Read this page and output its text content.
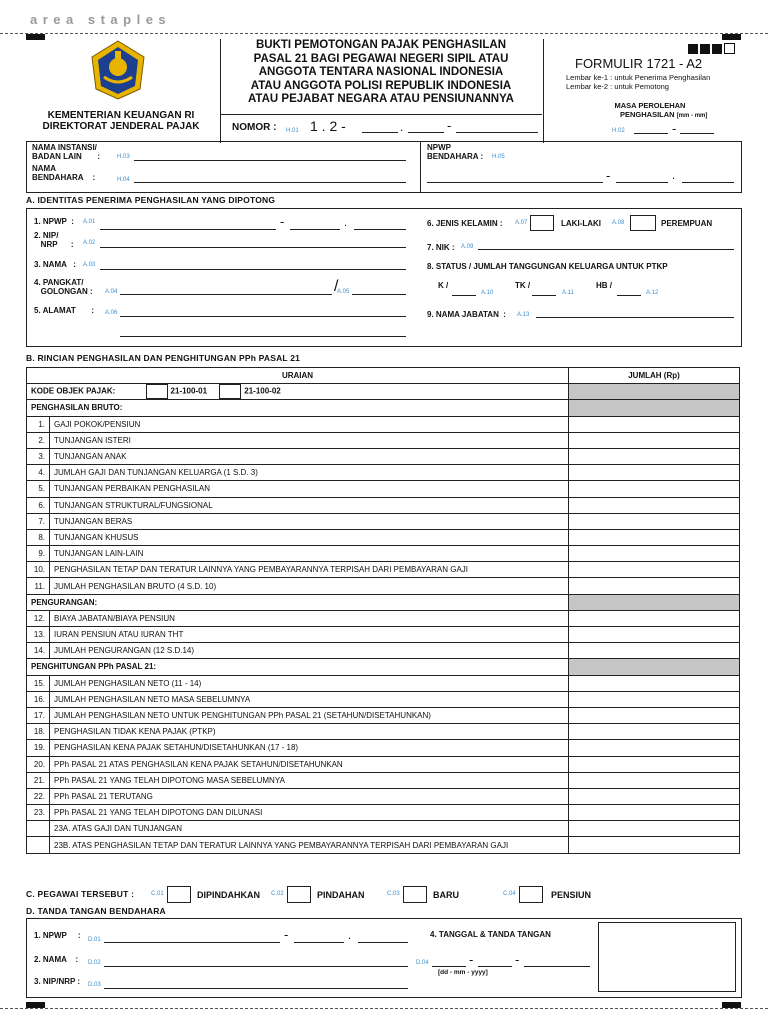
area staples
KEMENTERIAN KEUANGAN RI
DIREKTORAT JENDERAL PAJAK
BUKTI PEMOTONGAN PAJAK PENGHASILAN
PASAL 21 BAGI PEGAWAI NEGERI SIPIL ATAU
ANGGOTA TENTARA NASIONAL INDONESIA
ATAU ANGGOTA POLISI REPUBLIK INDONESIA
ATAU PEJABAT NEGARA ATAU PENSIUNANNYA
NOMOR : H.01 1 . 2 -	.	-
FORMULIR 1721 - A2
Lembar ke-1 : untuk Penerima Penghasilan
Lembar ke-2 : untuk Pemotong
MASA PEROLEHAN
PENGHASILAN [mm - mm]
H.02	-
NAMA INSTANSI/
BADAN LAIN       :	H.03
NAMA
BENDAHARA    :	H.04
NPWP
BENDAHARA : H.05
-	.
A. IDENTITAS PENERIMA PENGHASILAN YANG DIPOTONG
1. NPWP  : A.01	-	.
2. NIP/
NRP      : A.02
3. NAMA   : A.03
4. PANGKAT/
GOLONGAN : A.04	/
A.05
5. ALAMAT       : A.06
6. JENIS KELAMIN : A.07	LAKI-LAKI A.08	PEREMPUAN
7. NIK : A.09
8. STATUS / JUMLAH TANGGUNGAN KELUARGA UNTUK PTKP
K /
A.10
TK /
A.11
HB /
A.12
9. NAMA JABATAN  : A.13
B. RINCIAN PENGHASILAN DAN PENGHITUNGAN PPh PASAL 21
URAIAN		JUMLAH (Rp)
KODE OBJEK PAJAK: 21-100-01 21-100-02		
PENGHASILAN BRUTO:		
1.	GAJI POKOK/PENSIUN	
2.	TUNJANGAN ISTERI	
3.	TUNJANGAN ANAK	
4.	JUMLAH GAJI DAN TUNJANGAN KELUARGA (1 S.D. 3)	
5.	TUNJANGAN PERBAIKAN PENGHASILAN	
6.	TUNJANGAN STRUKTURAL/FUNGSIONAL	
7.	TUNJANGAN BERAS	
8.	TUNJANGAN KHUSUS	
9.	TUNJANGAN LAIN-LAIN	
10.	PENGHASILAN TETAP DAN TERATUR LAINNYA YANG PEMBAYARANNYA TERPISAH DARI PEMBAYARAN GAJI	
11.	JUMLAH PENGHASILAN BRUTO (4 S.D. 10)	
PENGURANGAN:		
12.	BIAYA JABATAN/BIAYA PENSIUN	
13.	IURAN PENSIUN ATAU IURAN THT	
14.	JUMLAH PENGURANGAN (12 S.D.14)	
PENGHITUNGAN PPh PASAL 21:		
15.	JUMLAH PENGHASILAN NETO (11 - 14)	
16.	JUMLAH PENGHASILAN NETO MASA SEBELUMNYA	
17.	JUMLAH PENGHASILAN NETO UNTUK PENGHITUNGAN PPh PASAL 21 (SETAHUN/DISETAHUNKAN)	
18.	PENGHASILAN TIDAK KENA PAJAK (PTKP)	
19.	PENGHASILAN KENA PAJAK SETAHUN/DISETAHUNKAN (17 - 18)	
20.	PPh PASAL 21 ATAS PENGHASILAN KENA PAJAK SETAHUN/DISETAHUNKAN	
21.	PPh PASAL 21 YANG TELAH DIPOTONG MASA SEBELUMNYA	
22.	PPh PASAL 21 TERUTANG	
23.	PPh PASAL 21 YANG TELAH DIPOTONG DAN DILUNASI	
	23A. ATAS GAJI DAN TUNJANGAN	
	23B. ATAS PENGHASILAN TETAP DAN TERATUR LAINNYA YANG PEMBAYARANNYA TERPISAH DARI PEMBAYARAN GAJI	
C. PEGAWAI TERSEBUT :	C.01	DIPINDAHKAN C.02	PINDAHAN	C.03	BARU	C.04	PENSIUN
D. TANDA TANGAN BENDAHARA
1. NPWP     : D.01	-	.
2. NAMA    : D.02
3. NIP/NRP : D.03
4. TANGGAL & TANDA TANGAN
D.04	-	-
[dd - mm - yyyy]
